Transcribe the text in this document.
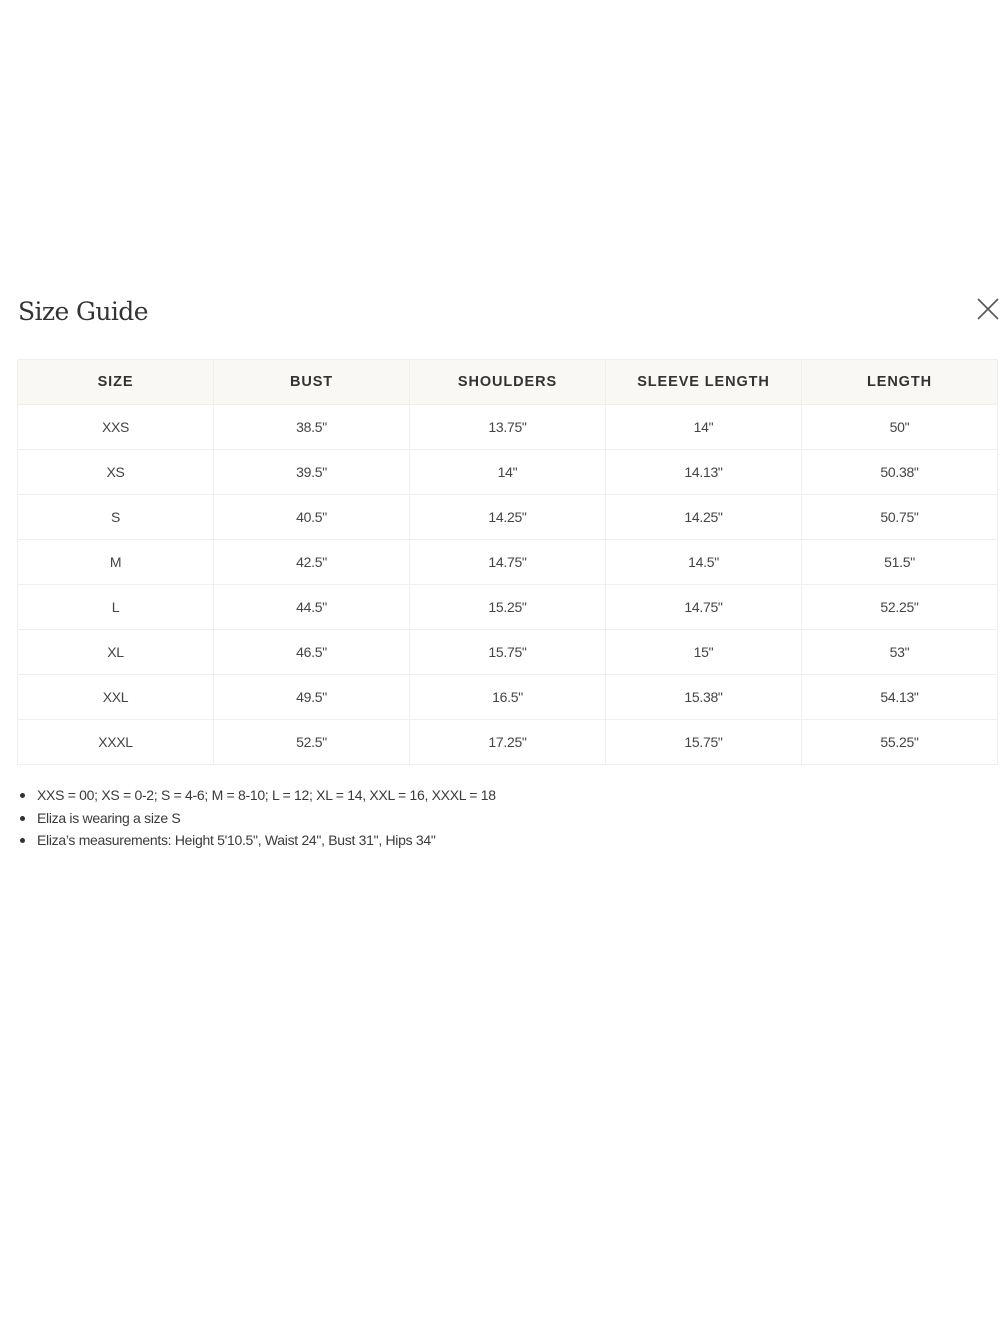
Size Guide
SIZE	BUST	SHOULDERS	SLEEVE LENGTH	LENGTH
XXS	38.5"	13.75"	14"	50"
XS	39.5"	14"	14.13"	50.38"
S	40.5"	14.25"	14.25"	50.75"
M	42.5"	14.75"	14.5"	51.5"
L	44.5"	15.25"	14.75"	52.25"
XL	46.5"	15.75"	15"	53"
XXL	49.5"	16.5"	15.38"	54.13"
XXXL	52.5"	17.25"	15.75"	55.25"
XXS = 00; XS = 0-2; S = 4-6; M = 8-10; L = 12; XL = 14, XXL = 16, XXXL = 18
Eliza is wearing a size S
Eliza’s measurements: Height 5'10.5", Waist 24", Bust 31", Hips 34"
